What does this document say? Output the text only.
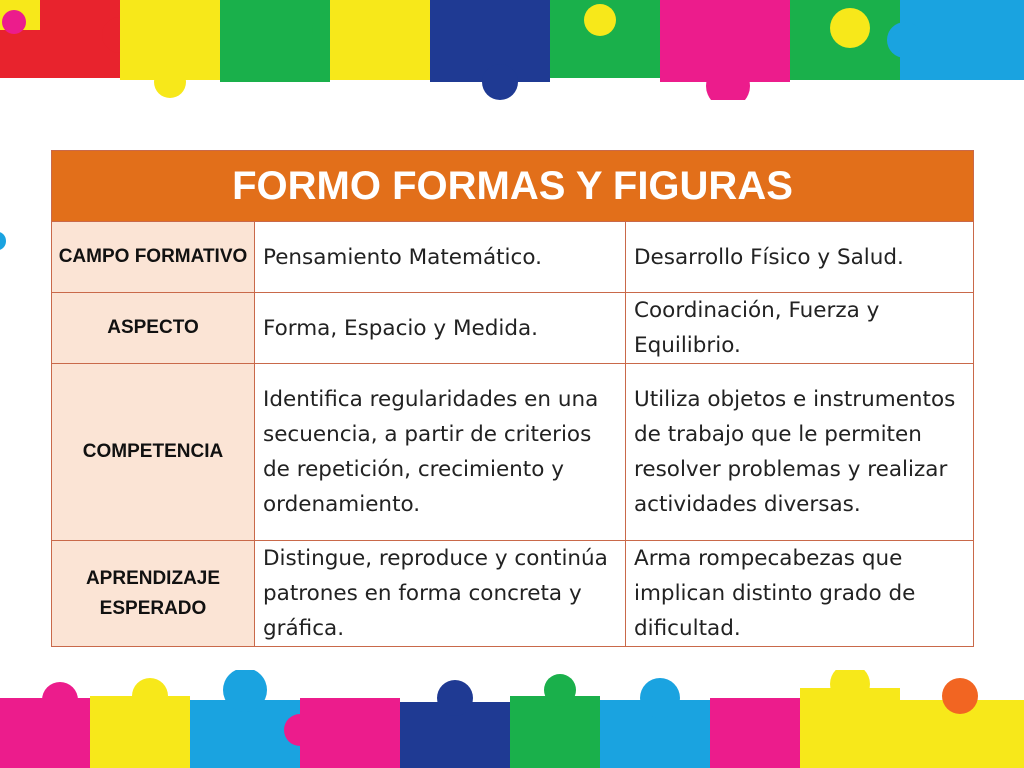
FORMO FORMAS Y FIGURAS		
CAMPO FORMATIVO	Pensamiento Matemático.	Desarrollo Físico y Salud.
ASPECTO	Forma, Espacio y Medida.	Coordinación, Fuerza y Equilibrio.
COMPETENCIA	Identifica regularidades en una secuencia, a partir de criterios de repetición, crecimiento y ordenamiento.	Utiliza objetos e instrumentos de trabajo que le permiten resolver problemas y realizar actividades diversas.
APRENDIZAJE ESPERADO	Distingue, reproduce y continúa patrones en forma concreta y gráfica.	Arma rompecabezas que implican distinto grado de dificultad.
